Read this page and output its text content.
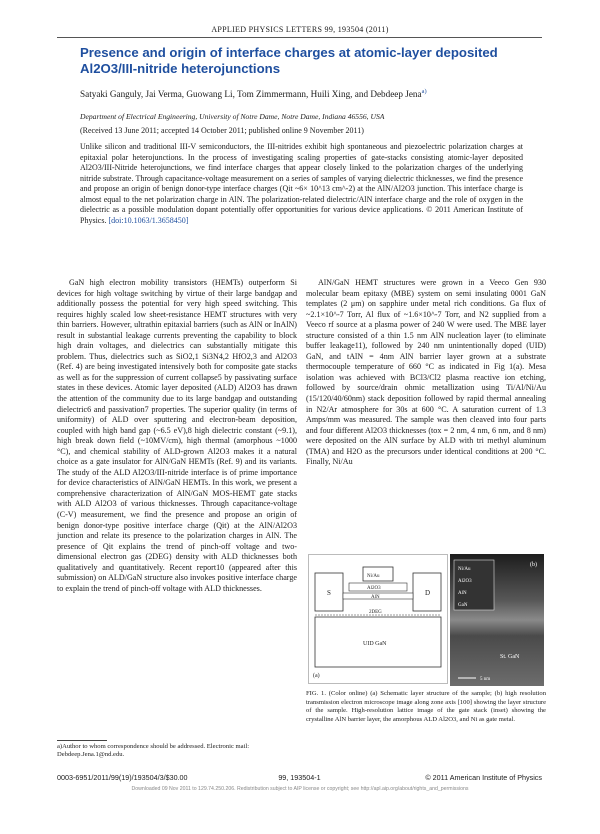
APPLIED PHYSICS LETTERS 99, 193504 (2011)
Presence and origin of interface charges at atomic-layer deposited Al2O3/III-nitride heterojunctions
Satyaki Ganguly, Jai Verma, Guowang Li, Tom Zimmermann, Huili Xing, and Debdeep Jena$^{a)}$
Department of Electrical Engineering, University of Notre Dame, Notre Dame, Indiana 46556, USA
(Received 13 June 2011; accepted 14 October 2011; published online 9 November 2011)
Unlike silicon and traditional III-V semiconductors, the III-nitrides exhibit high spontaneous and piezoelectric polarization charges at epitaxial polar heterojunctions. In the process of investigating scaling properties of gate-stacks consisting atomic-layer deposited Al2O3/III-Nitride heterojunctions, we find interface charges that appear closely linked to the polarization charges of the underlying nitride substrate. Through capacitance-voltage measurement on a series of samples of varying dielectric thicknesses, we find the presence and propose an origin of benign donor-type interface charges (Qit ~6× 10^13 cm^-2) at the AlN/Al2O3 junction. This interface charge is almost equal to the net polarization charge in AlN. The polarization-related dielectric/AlN interface charge and the role of oxygen in the dielectric as a possible modulation dopant potentially offer opportunities for various device applications. © 2011 American Institute of Physics. [doi:10.1063/1.3658450]

GaN high electron mobility transistors (HEMTs) outperform Si devices for high voltage switching by virtue of their large bandgap and additionally possess the potential for very high speed switching. This requires highly scaled low sheet-resistance HEMT structures with very thin barriers. However, ultrathin epitaxial barriers (such as AlN or InAlN) result in substantial leakage currents preventing the capability to block high drain voltages, and dielectrics can substantially mitigate this problem. Thus, dielectrics such as SiO2,1 Si3N4,2 HfO2,3 and Al2O3 (Ref. 4) are being investigated intensively both for composite gate stacks as well as for the suppression of current collapse5 by passivating surface states in these devices. Atomic layer deposited (ALD) Al2O3 has drawn the attention of the community due to its large bandgap and outstanding dielectric6 and passivation7 properties. The superior quality (in terms of uniformity) of ALD over sputtering and electron-beam deposition, coupled with high band gap (~6.5 eV),8 high dielectric constant (~9.1), high break down field (~10MV/cm), high thermal (amorphous ~1000 °C), and chemical stability of ALD-grown Al2O3 makes it a natural choice as a gate insulator for AlN/GaN HEMTs (Ref. 9) and its variants. The study of the ALD Al2O3/III-nitride interface is of prime importance for device characteristics of AlN/GaN HEMTs. In this work, we present a comprehensive characterization of AlN/GaN MOS-HEMT gate stacks with ALD Al2O3 of various thicknesses. Through capacitance-voltage (C-V) measurement, we find the presence and propose an origin of benign donor-type positive interface charge (Qit) at the AlN/Al2O3 junction and relate its presence to the polarization charges in AlN. The presence of Qit explains the trend of pinch-off voltage and two-dimensional electron gas (2DEG) density with ALD thicknesses both qualitatively and quantitatively. Recent report10 (appeared after this submission) on ALD/GaN structure also invokes positive interface charge to explain the trend of pinch-off voltage with ALD thicknesses.

AlN/GaN HEMT structures were grown in a Veeco Gen 930 molecular beam epitaxy (MBE) system on semi insulating 0001 GaN templates (2 μm) on sapphire under metal rich conditions. Ga flux of ~2.1×10^-7 Torr, Al flux of ~1.6×10^-7 Torr, and N2 supplied from a Veeco rf source at a plasma power of 240 W were used. The MBE layer structure consisted of a thin 1.5 nm AlN nucleation layer (to eliminate buffer leakage11), followed by 240 nm unintentionally doped (UID) GaN, and tAlN = 4nm AlN barrier layer grown at a substrate thermocouple temperature of 660 °C as indicated in Fig 1(a). Mesa isolation was achieved with BCl3/Cl2 plasma reactive ion etching, followed by source/drain ohmic metallization using Ti/Al/Ni/Au (15/120/40/60nm) stack deposition followed by rapid thermal annealing in N2/Ar atmosphere for 30s at 600 °C. A saturation current of 1.3 Amps/mm was measured. The sample was then cleaved into four parts and four different Al2O3 thicknesses (tox = 2 nm, 4 nm, 6 nm, and 8 nm) were deposited on the AlN surface by ALD with tri methyl aluminum (TMA) and H2O as the precursors under identical conditions at 200 °C. Finally, Ni/Au

S	D
Ni/Au
Al2O3
AlN
2DEG
UID GaN
(a)
Ni/Au
Al2O3
AlN
GaN
(b)
St. GaN
5 nm
FIG. 1. (Color online) (a) Schematic layer structure of the sample; (b) high resolution transmission electron microscope image along zone axis [100] showing the layer structure of the sample. High-resolution lattice image of the gate stack (inset) showing the crystalline AlN barrier layer, the amorphous ALD Al2O3, and Ni as gate metal.
a)Author to whom correspondence should be addressed. Electronic mail: Debdeep.Jena.1@nd.edu.
0003-6951/2011/99(19)/193504/3/$30.00	99, 193504-1	© 2011 American Institute of Physics
Downloaded 09 Nov 2011 to 129.74.250.206. Redistribution subject to AIP license or copyright; see http://apl.aip.org/about/rights_and_permissions
